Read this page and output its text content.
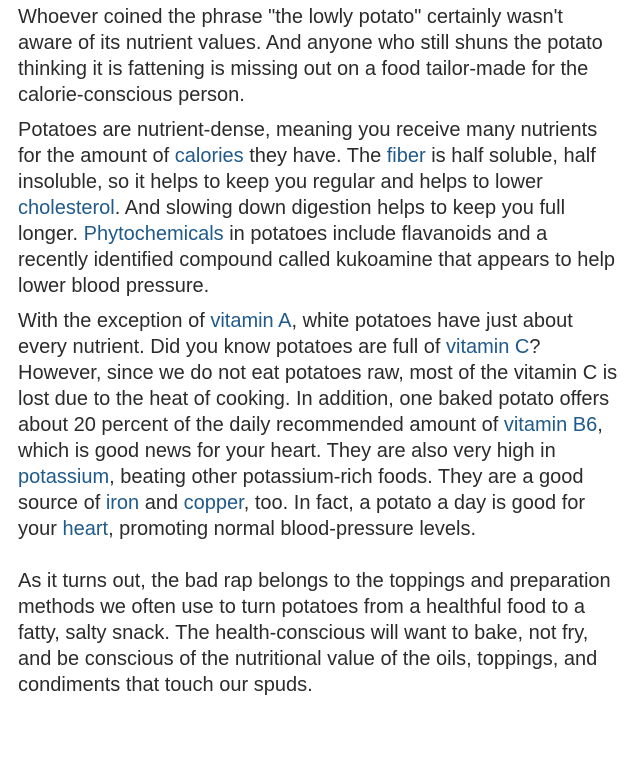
Whoever coined the phrase "the lowly potato" certainly wasn't aware of its nutrient values. And anyone who still shuns the potato thinking it is fattening is missing out on a food tailor-made for the calorie-conscious person.

Potatoes are nutrient-dense, meaning you receive many nutrients for the amount of calories they have. The fiber is half soluble, half insoluble, so it helps to keep you regular and helps to lower cholesterol. And slowing down digestion helps to keep you full longer. Phytochemicals in potatoes include flavanoids and a recently identified compound called kukoamine that appears to help lower blood pressure.

With the exception of vitamin A, white potatoes have just about every nutrient. Did you know potatoes are full of vitamin C? However, since we do not eat potatoes raw, most of the vitamin C is lost due to the heat of cooking. In addition, one baked potato offers about 20 percent of the daily recommended amount of vitamin B6, which is good news for your heart. They are also very high in potassium, beating other potassium-rich foods. They are a good source of iron and copper, too. In fact, a potato a day is good for your heart, promoting normal blood-pressure levels.

As it turns out, the bad rap belongs to the toppings and preparation methods we often use to turn potatoes from a healthful food to a fatty, salty snack. The health-conscious will want to bake, not fry, and be conscious of the nutritional value of the oils, toppings, and condiments that touch our spuds.
